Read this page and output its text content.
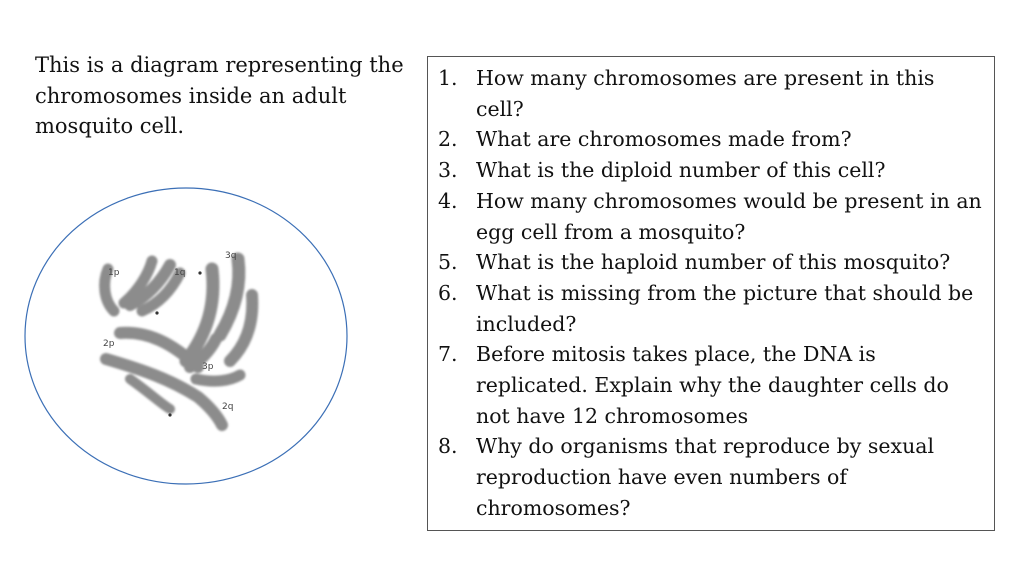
This is a diagram representing the chromosomes inside an adult mosquito cell.

1p	1q
3q
2p
3p
2q
1. How many chromosomes are present in this cell?
2. What are chromosomes made from?
3. What is the diploid number of this cell?
4. How many chromosomes would be present in an egg cell from a mosquito?
5. What is the haploid number of this mosquito?
6. What is missing from the picture that should be included?
7. Before mitosis takes place, the DNA is replicated. Explain why the daughter cells do not have 12 chromosomes
8. Why do organisms that reproduce by sexual reproduction have even numbers of chromosomes?
